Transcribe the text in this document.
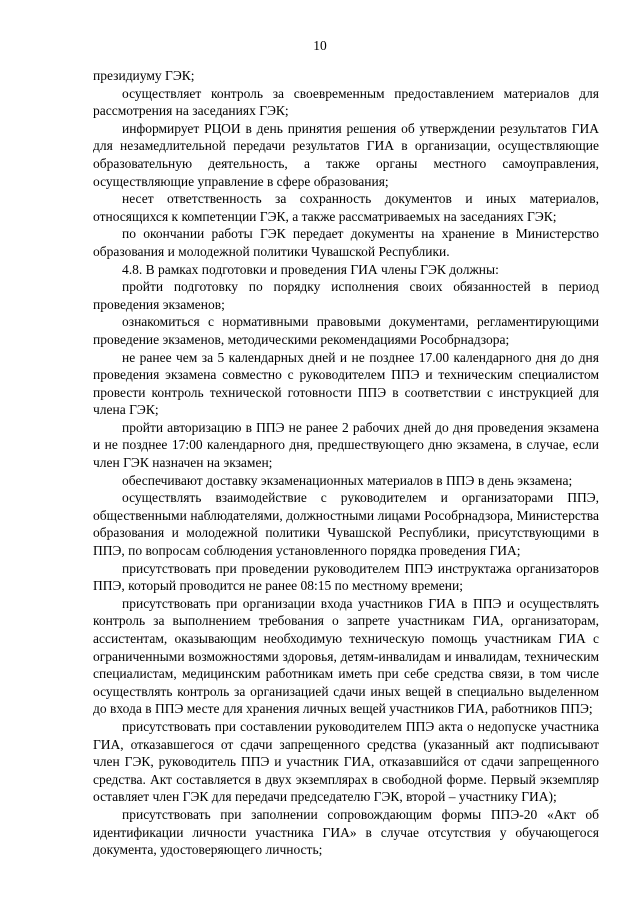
10

президиуму ГЭК;

осуществляет контроль за своевременным предоставлением материалов для рассмотрения на заседаниях ГЭК;

информирует РЦОИ в день принятия решения об утверждении результатов ГИА для незамедлительной передачи результатов ГИА в организации, осуществляющие образовательную деятельность, а также органы местного самоуправления, осуществляющие управление в сфере образования;

несет ответственность за сохранность документов и иных материалов, относящихся к компетенции ГЭК, а также рассматриваемых на заседаниях ГЭК;

по окончании работы ГЭК передает документы на хранение в Министерство образования и молодежной политики Чувашской Республики.

4.8. В рамках подготовки и проведения ГИА члены ГЭК должны:

пройти подготовку по порядку исполнения своих обязанностей в период проведения экзаменов;

ознакомиться с нормативными правовыми документами, регламентирующими проведение экзаменов, методическими рекомендациями Рособрнадзора;

не ранее чем за 5 календарных дней и не позднее 17.00 календарного дня до дня проведения экзамена совместно с руководителем ППЭ и техническим специалистом провести контроль технической готовности ППЭ в соответствии с инструкцией для члена ГЭК;

пройти авторизацию в ППЭ не ранее 2 рабочих дней до дня проведения экзамена и не позднее 17:00 календарного дня, предшествующего дню экзамена, в случае, если член ГЭК назначен на экзамен;

обеспечивают доставку экзаменационных материалов в ППЭ в день экзамена;

осуществлять взаимодействие с руководителем и организаторами ППЭ, общественными наблюдателями, должностными лицами Рособрнадзора, Министерства образования и молодежной политики Чувашской Республики, присутствующими в ППЭ, по вопросам соблюдения установленного порядка проведения ГИА;

присутствовать при проведении руководителем ППЭ инструктажа организаторов ППЭ, который проводится не ранее 08:15 по местному времени;

присутствовать при организации входа участников ГИА в ППЭ и осуществлять контроль за выполнением требования о запрете участникам ГИА, организаторам, ассистентам, оказывающим необходимую техническую помощь участникам ГИА с ограниченными возможностями здоровья, детям-инвалидам и инвалидам, техническим специалистам, медицинским работникам иметь при себе средства связи, в том числе осуществлять контроль за организацией сдачи иных вещей в специально выделенном до входа в ППЭ месте для хранения личных вещей участников ГИА, работников ППЭ;

присутствовать при составлении руководителем ППЭ акта о недопуске участника ГИА, отказавшегося от сдачи запрещенного средства (указанный акт подписывают член ГЭК, руководитель ППЭ и участник ГИА, отказавшийся от сдачи запрещенного средства. Акт составляется в двух экземплярах в свободной форме. Первый экземпляр оставляет член ГЭК для передачи председателю ГЭК, второй – участнику ГИА);

присутствовать при заполнении сопровождающим формы ППЭ-20 «Акт об идентификации личности участника ГИА» в случае отсутствия у обучающегося документа, удостоверяющего личность;
